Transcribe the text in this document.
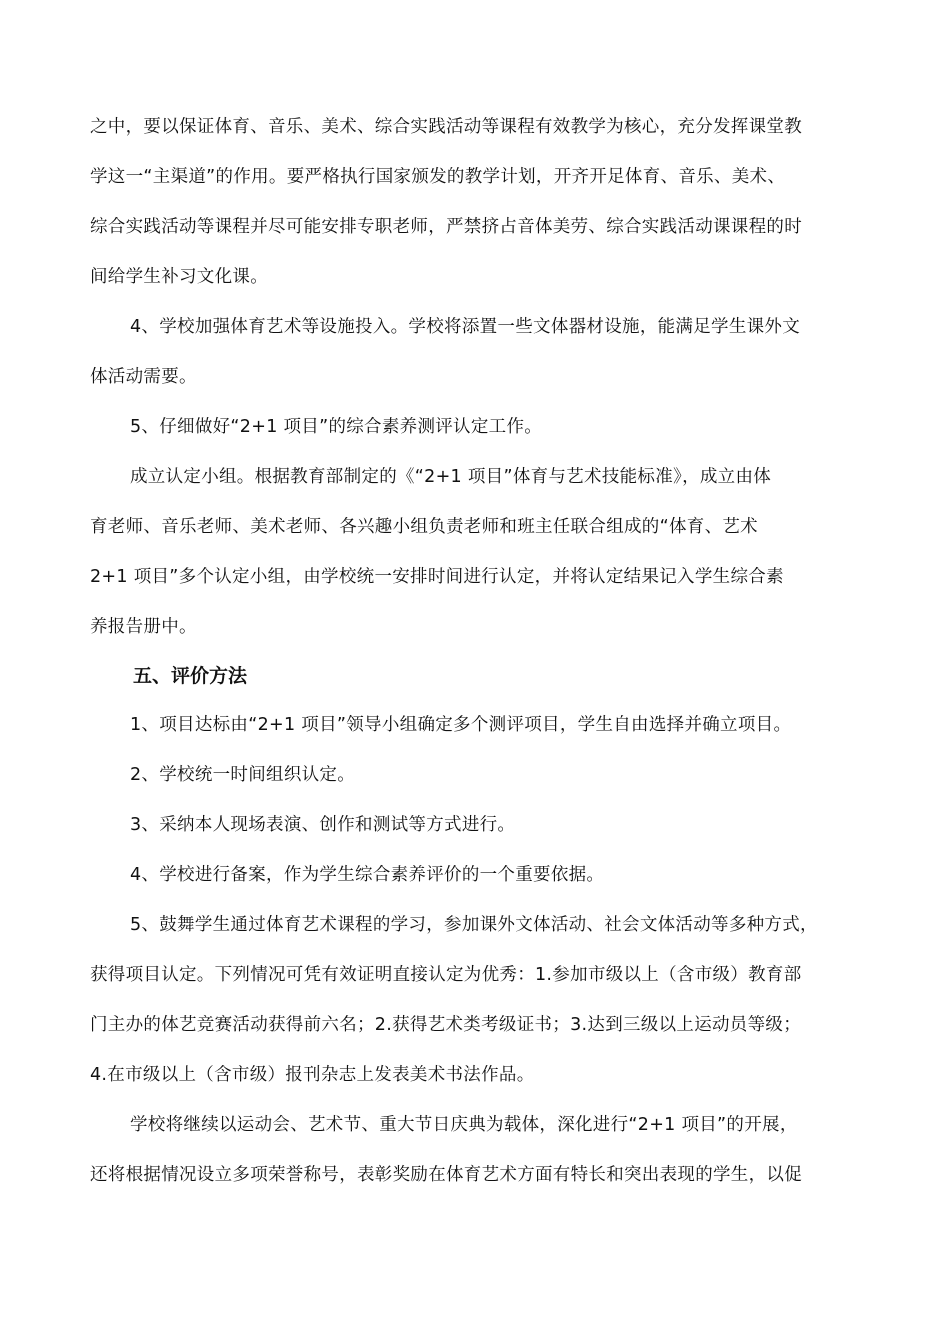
之中，要以保证体育、音乐、美术、综合实践活动等课程有效教学为核心，充分发挥课堂教
学这一“主渠道”的作用。要严格执行国家颁发的教学计划，开齐开足体育、音乐、美术、
综合实践活动等课程并尽可能安排专职老师，严禁挤占音体美劳、综合实践活动课课程的时
间给学生补习文化课。
4、学校加强体育艺术等设施投入。学校将添置一些文体器材设施，能满足学生课外文
体活动需要。
5、仔细做好“2+1 项目”的综合素养测评认定工作。
成立认定小组。根据教育部制定的《“2+1 项目”体育与艺术技能标准》，成立由体
育老师、音乐老师、美术老师、各兴趣小组负责老师和班主任联合组成的“体育、艺术
2+1 项目”多个认定小组，由学校统一安排时间进行认定，并将认定结果记入学生综合素
养报告册中。
五、评价方法
1、项目达标由“2+1 项目”领导小组确定多个测评项目，学生自由选择并确立项目。
2、学校统一时间组织认定。
3、采纳本人现场表演、创作和测试等方式进行。
4、学校进行备案，作为学生综合素养评价的一个重要依据。
5、鼓舞学生通过体育艺术课程的学习，参加课外文体活动、社会文体活动等多种方式，
获得项目认定。下列情况可凭有效证明直接认定为优秀：1.参加市级以上（含市级）教育部
门主办的体艺竞赛活动获得前六名；2.获得艺术类考级证书；3.达到三级以上运动员等级；
4.在市级以上（含市级）报刊杂志上发表美术书法作品。
学校将继续以运动会、艺术节、重大节日庆典为载体，深化进行“2+1 项目”的开展，
还将根据情况设立多项荣誉称号，表彰奖励在体育艺术方面有特长和突出表现的学生，以促
